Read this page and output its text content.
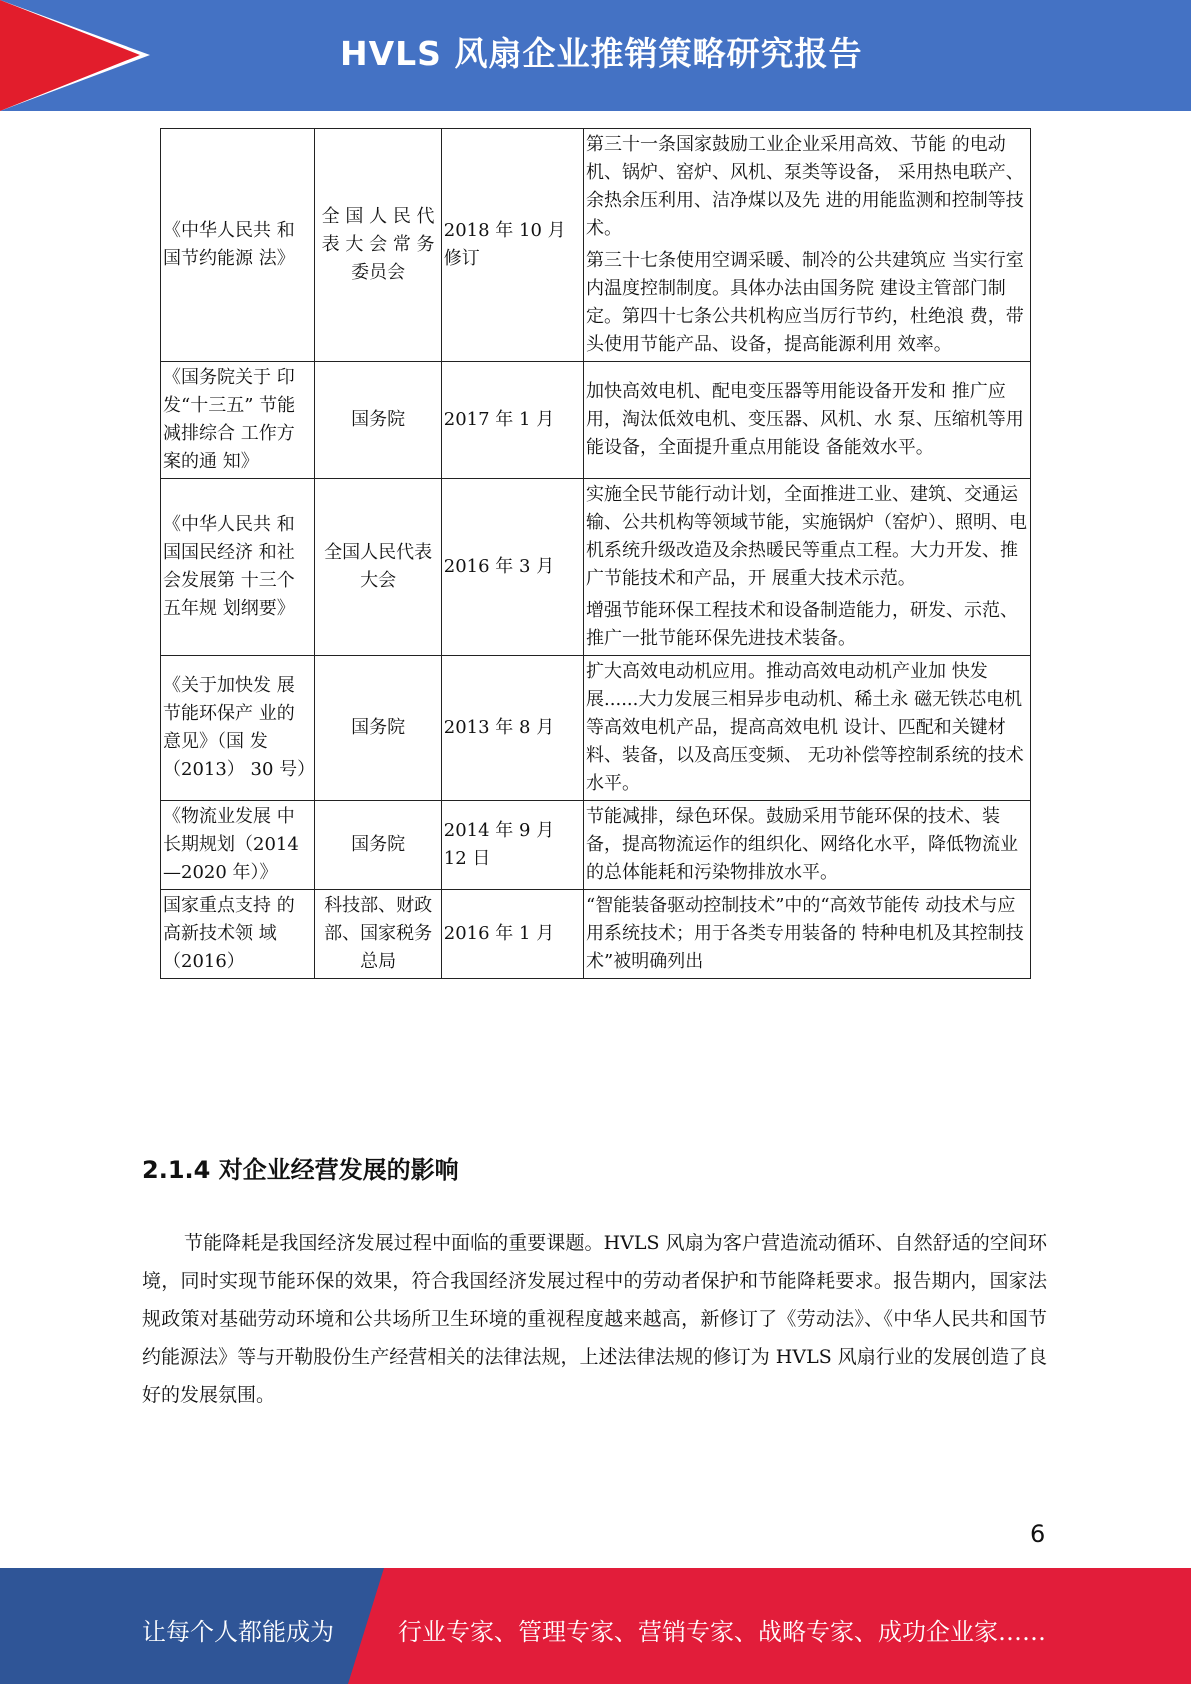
HVLS 风扇企业推销策略研究报告
《中华人民共 和国节约能源 法》	全 国 人 民 代 表 大 会 常 务 委员会	2018 年 10 月 修订	第三十一条国家鼓励工业企业采用高效、节能 的电动机、锅炉、窑炉、风机、泵类等设备， 采用热电联产、余热余压利用、洁净煤以及先 进的用能监测和控制等技术。

第三十七条使用空调采暖、制冷的公共建筑应 当实行室内温度控制制度。具体办法由国务院 建设主管部门制定。第四十七条公共机构应当厉行节约，杜绝浪 费，带头使用节能产品、设备，提高能源利用 效率。

《国务院关于 印发“十三五” 节能减排综合 工作方案的通 知》	国务院	2017 年 1 月	加快高效电机、配电变压器等用能设备开发和 推广应用，淘汰低效电机、变压器、风机、水 泵、压缩机等用能设备，全面提升重点用能设 备能效水平。

《中华人民共 和国国民经济 和社会发展第 十三个五年规 划纲要》	全国人民代表大会	2016 年 3 月	实施全民节能行动计划，全面推进工业、建筑、交通运输、公共机构等领域节能，实施锅炉（窑炉）、照明、电机系统升级改造及余热暖民等重点工程。大力开发、推广节能技术和产品，开 展重大技术示范。

增强节能环保工程技术和设备制造能力，研发、示范、推广一批节能环保先进技术装备。

《关于加快发 展节能环保产 业的意见》（国 发（2013） 30 号）	国务院	2013 年 8 月	扩大高效电动机应用。推动高效电动机产业加 快发展......大力发展三相异步电动机、稀土永 磁无铁芯电机等高效电机产品，提高高效电机 设计、匹配和关键材料、装备，以及高压变频、 无功补偿等控制系统的技术水平。

《物流业发展 中长期规划（2014—2020 年）》	国务院	2014 年 9 月 12 日	节能减排，绿色环保。鼓励采用节能环保的技术、装备，提高物流运作的组织化、网络化水平，降低物流业的总体能耗和污染物排放水平。

国家重点支持 的高新技术领 域（2016）	科技部、财政部、国家税务总局	2016 年 1 月	“智能装备驱动控制技术”中的“高效节能传 动技术与应用系统技术；用于各类专用装备的 特种电机及其控制技术”被明确列出

2.1.4 对企业经营发展的影响
节能降耗是我国经济发展过程中面临的重要课题。HVLS 风扇为客户营造流动循环、自然舒适的空间环境，同时实现节能环保的效果，符合我国经济发展过程中的劳动者保护和节能降耗要求。报告期内，国家法规政策对基础劳动环境和公共场所卫生环境的重视程度越来越高，新修订了《劳动法》、《中华人民共和国节约能源法》等与开勒股份生产经营相关的法律法规，上述法律法规的修订为 HVLS 风扇行业的发展创造了良好的发展氛围。
6
让每个人都能成为	行业专家、管理专家、营销专家、战略专家、成功企业家……
